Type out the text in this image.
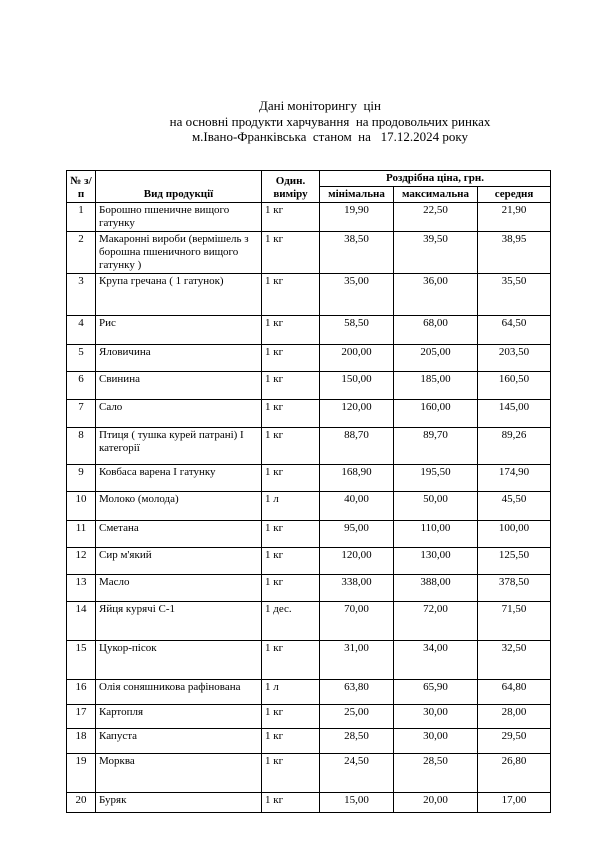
Дані моніторингу  цін
на основні продукти харчування  на продовольчих ринках
м.Івано-Франківська  станом  на   17.12.2024 року
№ з/п	Вид продукції	Один. виміру	Роздрібна ціна, грн.		
			мінімальна	максимальна	середня
1	Борошно пшеничне вищого гатунку	1 кг	19,90	22,50	21,90
2	Макаронні вироби (вермішель з борошна пшеничного вищого гатунку )	1 кг	38,50	39,50	38,95
3	Крупа гречана ( 1 гатунок)	1 кг	35,00	36,00	35,50
4	Рис	1 кг	58,50	68,00	64,50
5	Яловичина	1 кг	200,00	205,00	203,50
6	Свинина	1 кг	150,00	185,00	160,50
7	Сало	1 кг	120,00	160,00	145,00
8	Птиця ( тушка курей патрані) І категорії	1 кг	88,70	89,70	89,26
9	Ковбаса варена І гатунку	1 кг	168,90	195,50	174,90
10	Молоко (молода)	1 л	40,00	50,00	45,50
11	Сметана	1 кг	95,00	110,00	100,00
12	Сир м'який	1 кг	120,00	130,00	125,50
13	Масло	1 кг	338,00	388,00	378,50
14	Яйця курячі С-1	1 дес.	70,00	72,00	71,50
15	Цукор-пісок	1 кг	31,00	34,00	32,50
16	Олія соняшникова рафінована	1 л	63,80	65,90	64,80
17	Картопля	1 кг	25,00	30,00	28,00
18	Капуста	1 кг	28,50	30,00	29,50
19	Морква	1 кг	24,50	28,50	26,80
20	Буряк	1 кг	15,00	20,00	17,00
